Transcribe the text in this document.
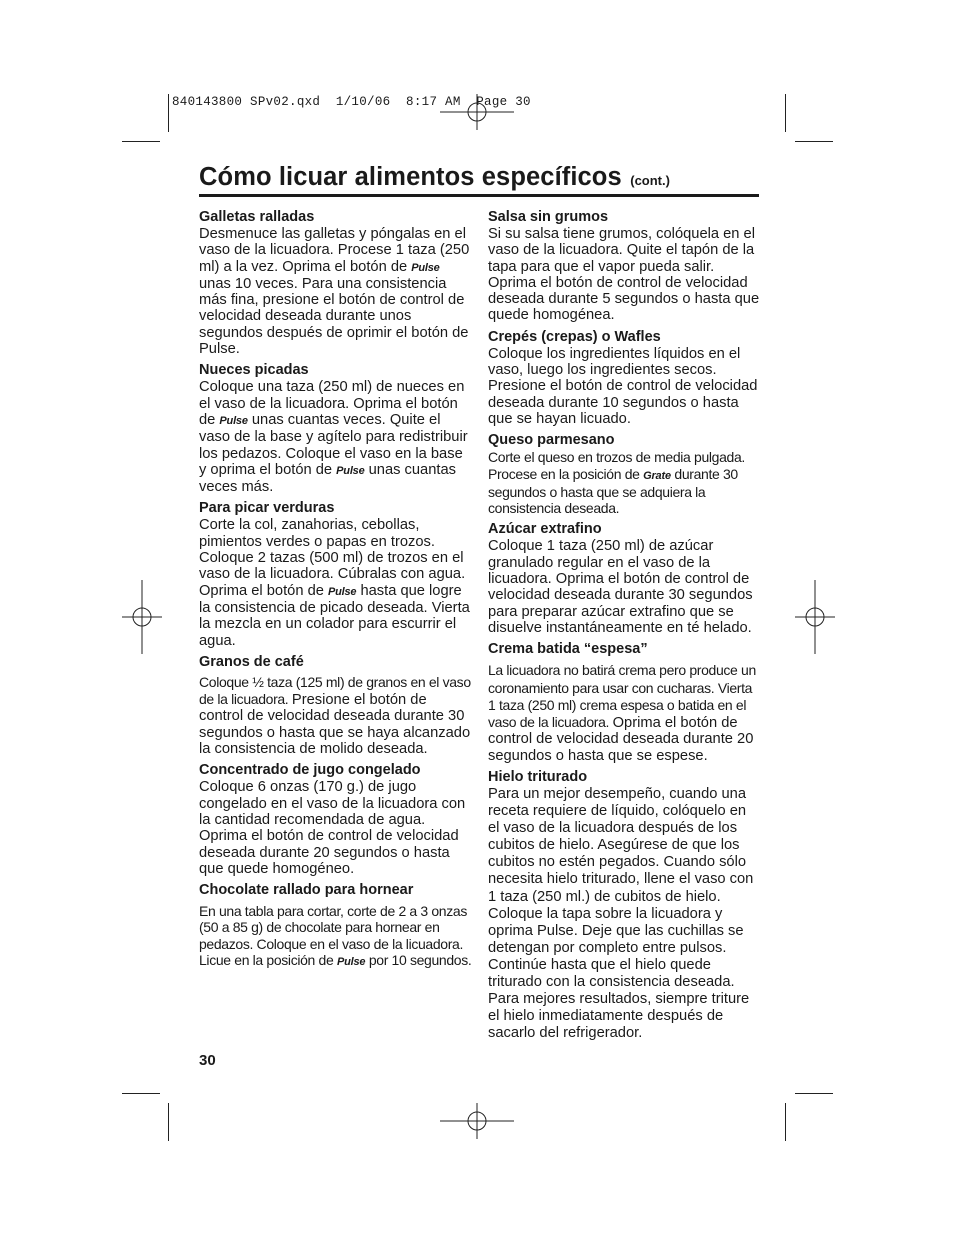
840143800 SPv02.qxd  1/10/06  8:17 AM  Page 30
Cómo licuar alimentos específicos (cont.)
Galletas ralladas

Desmenuce las galletas y póngalas en el vaso de la licuadora. Procese 1 taza (250 ml) a la vez. Oprima el botón de Pulse unas 10 veces. Para una consistencia más fina, presione el botón de control de velocidad deseada durante unos segundos después de oprimir el botón de Pulse.

Nueces picadas

Coloque una taza (250 ml) de nueces en el vaso de la licuadora. Oprima el botón de Pulse unas cuantas veces. Quite el vaso de la base y agítelo para redistribuir los pedazos. Coloque el vaso en la base y oprima el botón de Pulse unas cuantas veces más.

Para picar verduras

Corte la col, zanahorias, cebollas, pimientos verdes o papas en trozos. Coloque 2 tazas (500 ml) de trozos en el vaso de la licuadora. Cúbralas con agua. Oprima el botón de Pulse hasta que logre la consistencia de picado deseada. Vierta la mezcla en un colador para escurrir el agua.

Granos de café

Coloque ½ taza (125 ml) de granos en el vaso de la licuadora. Presione el botón de control de velocidad deseada durante 30 segundos o hasta que se haya alcanzado la consistencia de molido deseada.

Concentrado de jugo congelado

Coloque 6 onzas (170 g.) de jugo congelado en el vaso de la licuadora con la cantidad recomendada de agua. Oprima el botón de control de velocidad deseada durante 20 segundos o hasta que quede homogéneo.

Chocolate rallado para hornear

En una tabla para cortar, corte de 2 a 3 onzas (50 a 85 g) de chocolate para hornear en pedazos. Coloque en el vaso de la licuadora. Licue en la posición de Pulse por 10 segundos.

Salsa sin grumos

Si su salsa tiene grumos, colóquela en el vaso de la licuadora. Quite el tapón de la tapa para que el vapor pueda salir. Oprima el botón de control de velocidad deseada durante 5 segundos o hasta que quede homogénea.

Crepés (crepas) o Wafles

Coloque los ingredientes líquidos en el vaso, luego los ingredientes secos. Presione el botón de control de velocidad deseada durante 10 segundos o hasta que se hayan licuado.

Queso parmesano

Corte el queso en trozos de media pulgada. Procese en la posición de Grate durante 30 segundos o hasta que se adquiera la consistencia deseada.

Azúcar extrafino

Coloque 1 taza (250 ml) de azúcar granulado regular en el vaso de la licuadora. Oprima el botón de control de velocidad deseada durante 30 segundos para preparar azúcar extrafino que se disuelve instantáneamente en té helado.

Crema batida “espesa”

La licuadora no batirá crema pero produce un coronamiento para usar con cucharas. Vierta 1 taza (250 ml) crema espesa o batida en el vaso de la licuadora. Oprima el botón de control de velocidad deseada durante 20 segundos o hasta que se espese.

Hielo triturado

Para un mejor desempeño, cuando una receta requiere de líquido, colóquelo en el vaso de la licuadora después de los cubitos de hielo. Asegúrese de que los cubitos no estén pegados. Cuando sólo necesita hielo triturado, llene el vaso con 1 taza (250 ml.) de cubitos de hielo. Coloque la tapa sobre la licuadora y oprima Pulse. Deje que las cuchillas se detengan por completo entre pulsos. Continúe hasta que el hielo quede triturado con la consistencia deseada. Para mejores resultados, siempre triture el hielo inmediatamente después de sacarlo del refrigerador.

30
